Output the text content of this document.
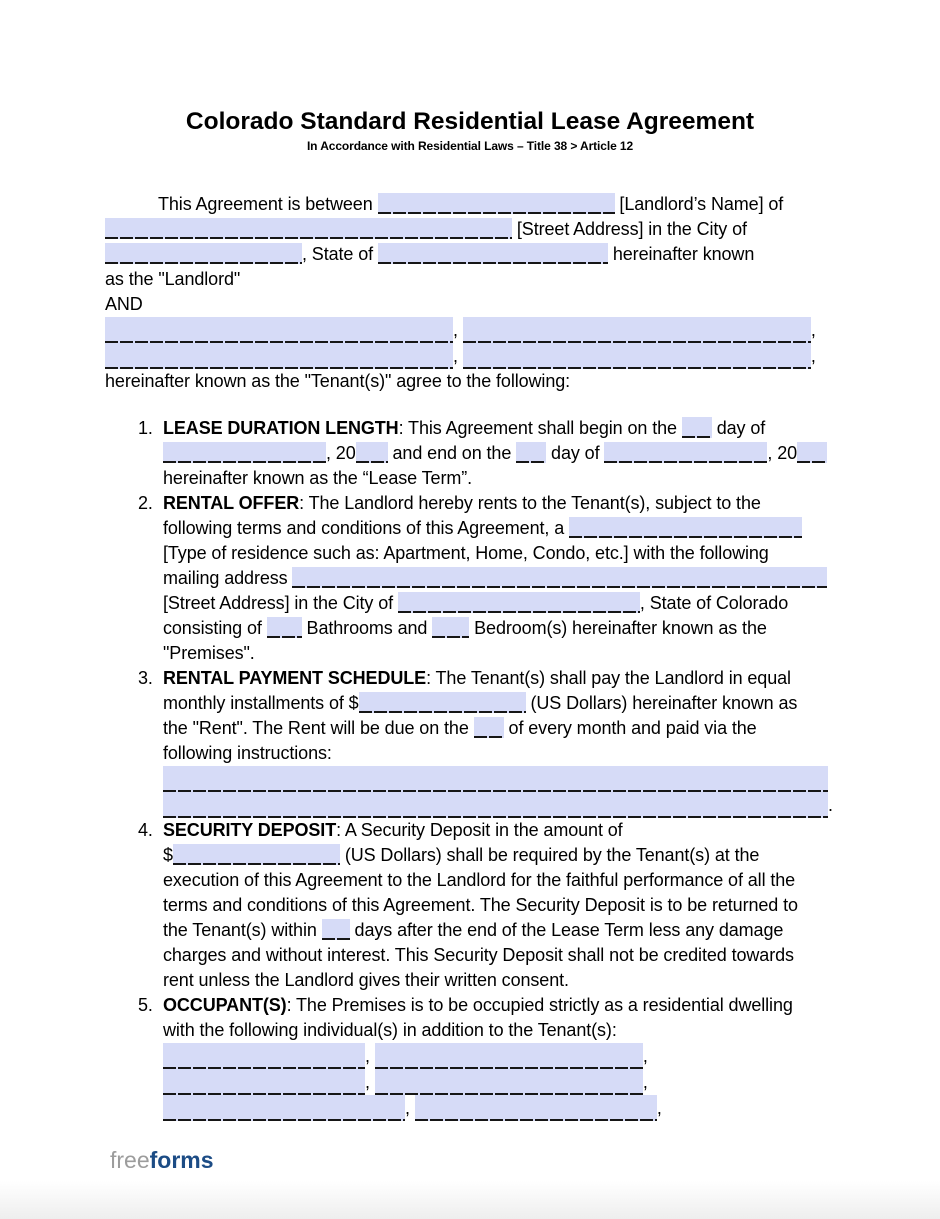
Colorado Standard Residential Lease Agreement
In Accordance with Residential Laws – Title 38 > Article 12
This Agreement is between	[Landlord’s Name] of
[Street Address] in the City of
, State of	hereinafter known
as the "Landlord"
AND
,	,
,	,
hereinafter known as the "Tenant(s)" agree to the following:
1. LEASE DURATION LENGTH: This Agreement shall begin on the  day of
, 20 and end on the  day of	, 20
hereinafter known as the “Lease Term”.
2. RENTAL OFFER: The Landlord hereby rents to the Tenant(s), subject to the
following terms and conditions of this Agreement, a
[Type of residence such as: Apartment, Home, Condo, etc.] with the following
mailing address
[Street Address] in the City of	, State of Colorado
consisting of  Bathrooms and  Bedroom(s) hereinafter known as the
"Premises".
3. RENTAL PAYMENT SCHEDULE: The Tenant(s) shall pay the Landlord in equal
monthly installments of $	(US Dollars) hereinafter known as
the "Rent". The Rent will be due on the  of every month and paid via the
following instructions:
.
4. SECURITY DEPOSIT: A Security Deposit in the amount of
$	(US Dollars) shall be required by the Tenant(s) at the
execution of this Agreement to the Landlord for the faithful performance of all the
terms and conditions of this Agreement. The Security Deposit is to be returned to
the Tenant(s) within  days after the end of the Lease Term less any damage
charges and without interest. This Security Deposit shall not be credited towards
rent unless the Landlord gives their written consent.
5. OCCUPANT(S): The Premises is to be occupied strictly as a residential dwelling
with the following individual(s) in addition to the Tenant(s):
,	,
,	,
,	,
freeforms
